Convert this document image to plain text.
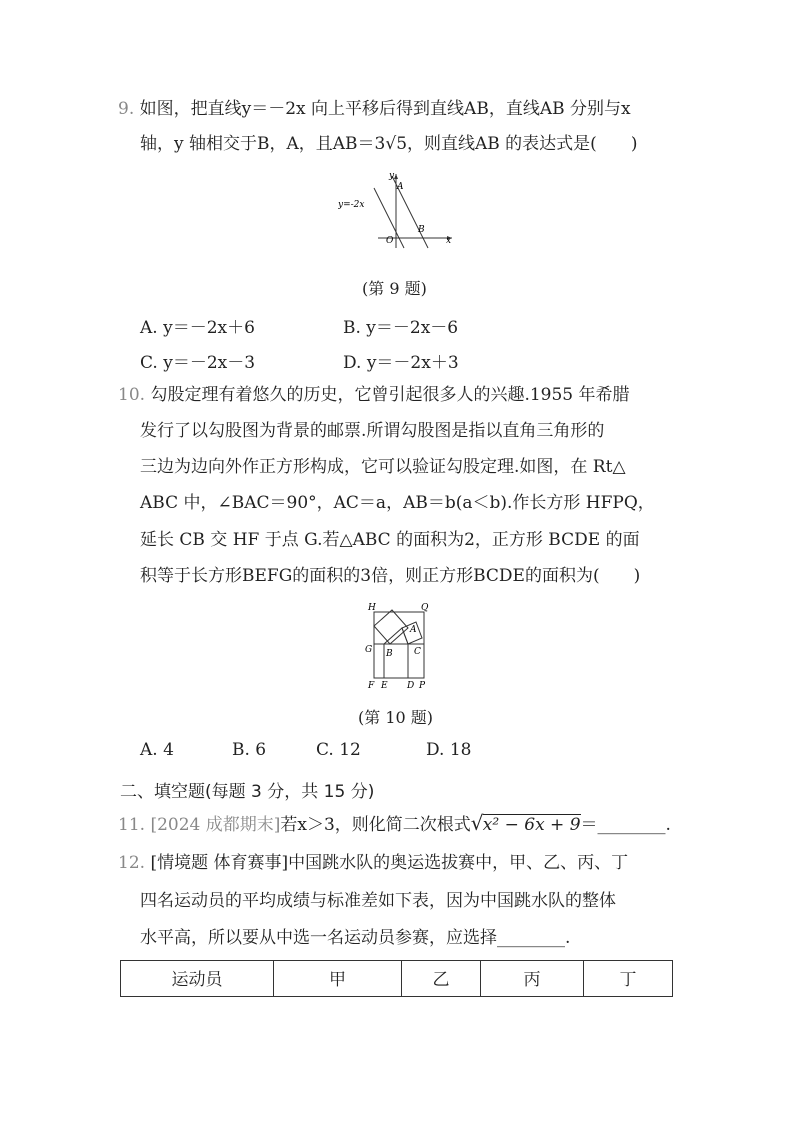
9. 如图，把直线y＝－2x 向上平移后得到直线AB，直线AB 分别与x
轴，y 轴相交于B，A，且AB＝3√5，则直线AB 的表达式是(　　)
y
A
B
O	x
y=-2x
(第 9 题)
A. y＝－2x＋6	B. y＝－2x－6
C. y＝－2x－3	D. y＝－2x＋3
10. 勾股定理有着悠久的历史，它曾引起很多人的兴趣.1955 年希腊
发行了以勾股图为背景的邮票.所谓勾股图是指以直角三角形的
三边为边向外作正方形构成，它可以验证勾股定理.如图，在 Rt△
ABC 中，∠BAC＝90°，AC＝a，AB＝b(a＜b).作长方形 HFPQ，
延长 CB 交 HF 于点 G.若△ABC 的面积为2，正方形 BCDE 的面
积等于长方形BEFG的面积的3倍，则正方形BCDE的面积为(　　)
H	Q
A
G B C
F E D P
(第 10 题)
A. 4	B. 6	C. 12	D. 18
二、填空题(每题 3 分，共 15 分)
11. [2024 成都期末]若x＞3，则化简二次根式 √ x² − 6x + 9＝________.
12. [情境题 体育赛事]中国跳水队的奥运选拔赛中，甲、乙、丙、丁
四名运动员的平均成绩与标准差如下表，因为中国跳水队的整体
水平高，所以要从中选一名运动员参赛，应选择________.
运动员	甲	乙	丙	丁
